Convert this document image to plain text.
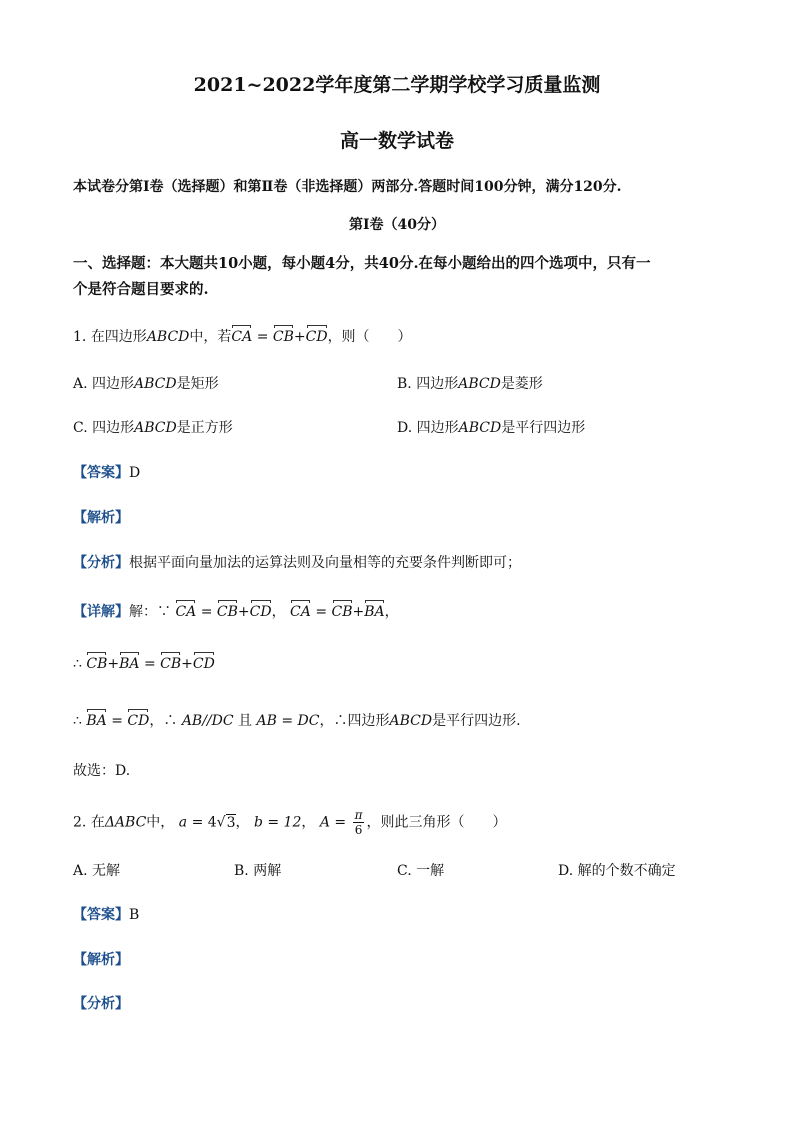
2021~2022学年度第二学期学校学习质量监测
高一数学试卷
本试卷分第Ⅰ卷（选择题）和第Ⅱ卷（非选择题）两部分.答题时间100分钟，满分120分.
第Ⅰ卷（40分）
一、选择题：本大题共10小题，每小题4分，共40分.在每小题给出的四个选项中，只有一
个是符合题目要求的.
1. 在四边形ABCD中，若CA = CB+CD，则（　　）
A. 四边形ABCD是矩形	B. 四边形ABCD是菱形
C. 四边形ABCD是正方形	D. 四边形ABCD是平行四边形
【答案】D
【解析】
【分析】根据平面向量加法的运算法则及向量相等的充要条件判断即可；
【详解】解：∵ CA = CB+CD， CA = CB+BA，
∴ CB+BA = CB+CD
∴ BA = CD，∴ AB//DC 且 AB = DC，∴四边形ABCD是平行四边形.
故选：D.
2. 在ΔABC中， a = 4√3， b = 12， $A = \frac{\pi}{6}$ ，则此三角形（　　）
A. 无解	B. 两解	C. 一解	D. 解的个数不确定
【答案】B
【解析】
【分析】
